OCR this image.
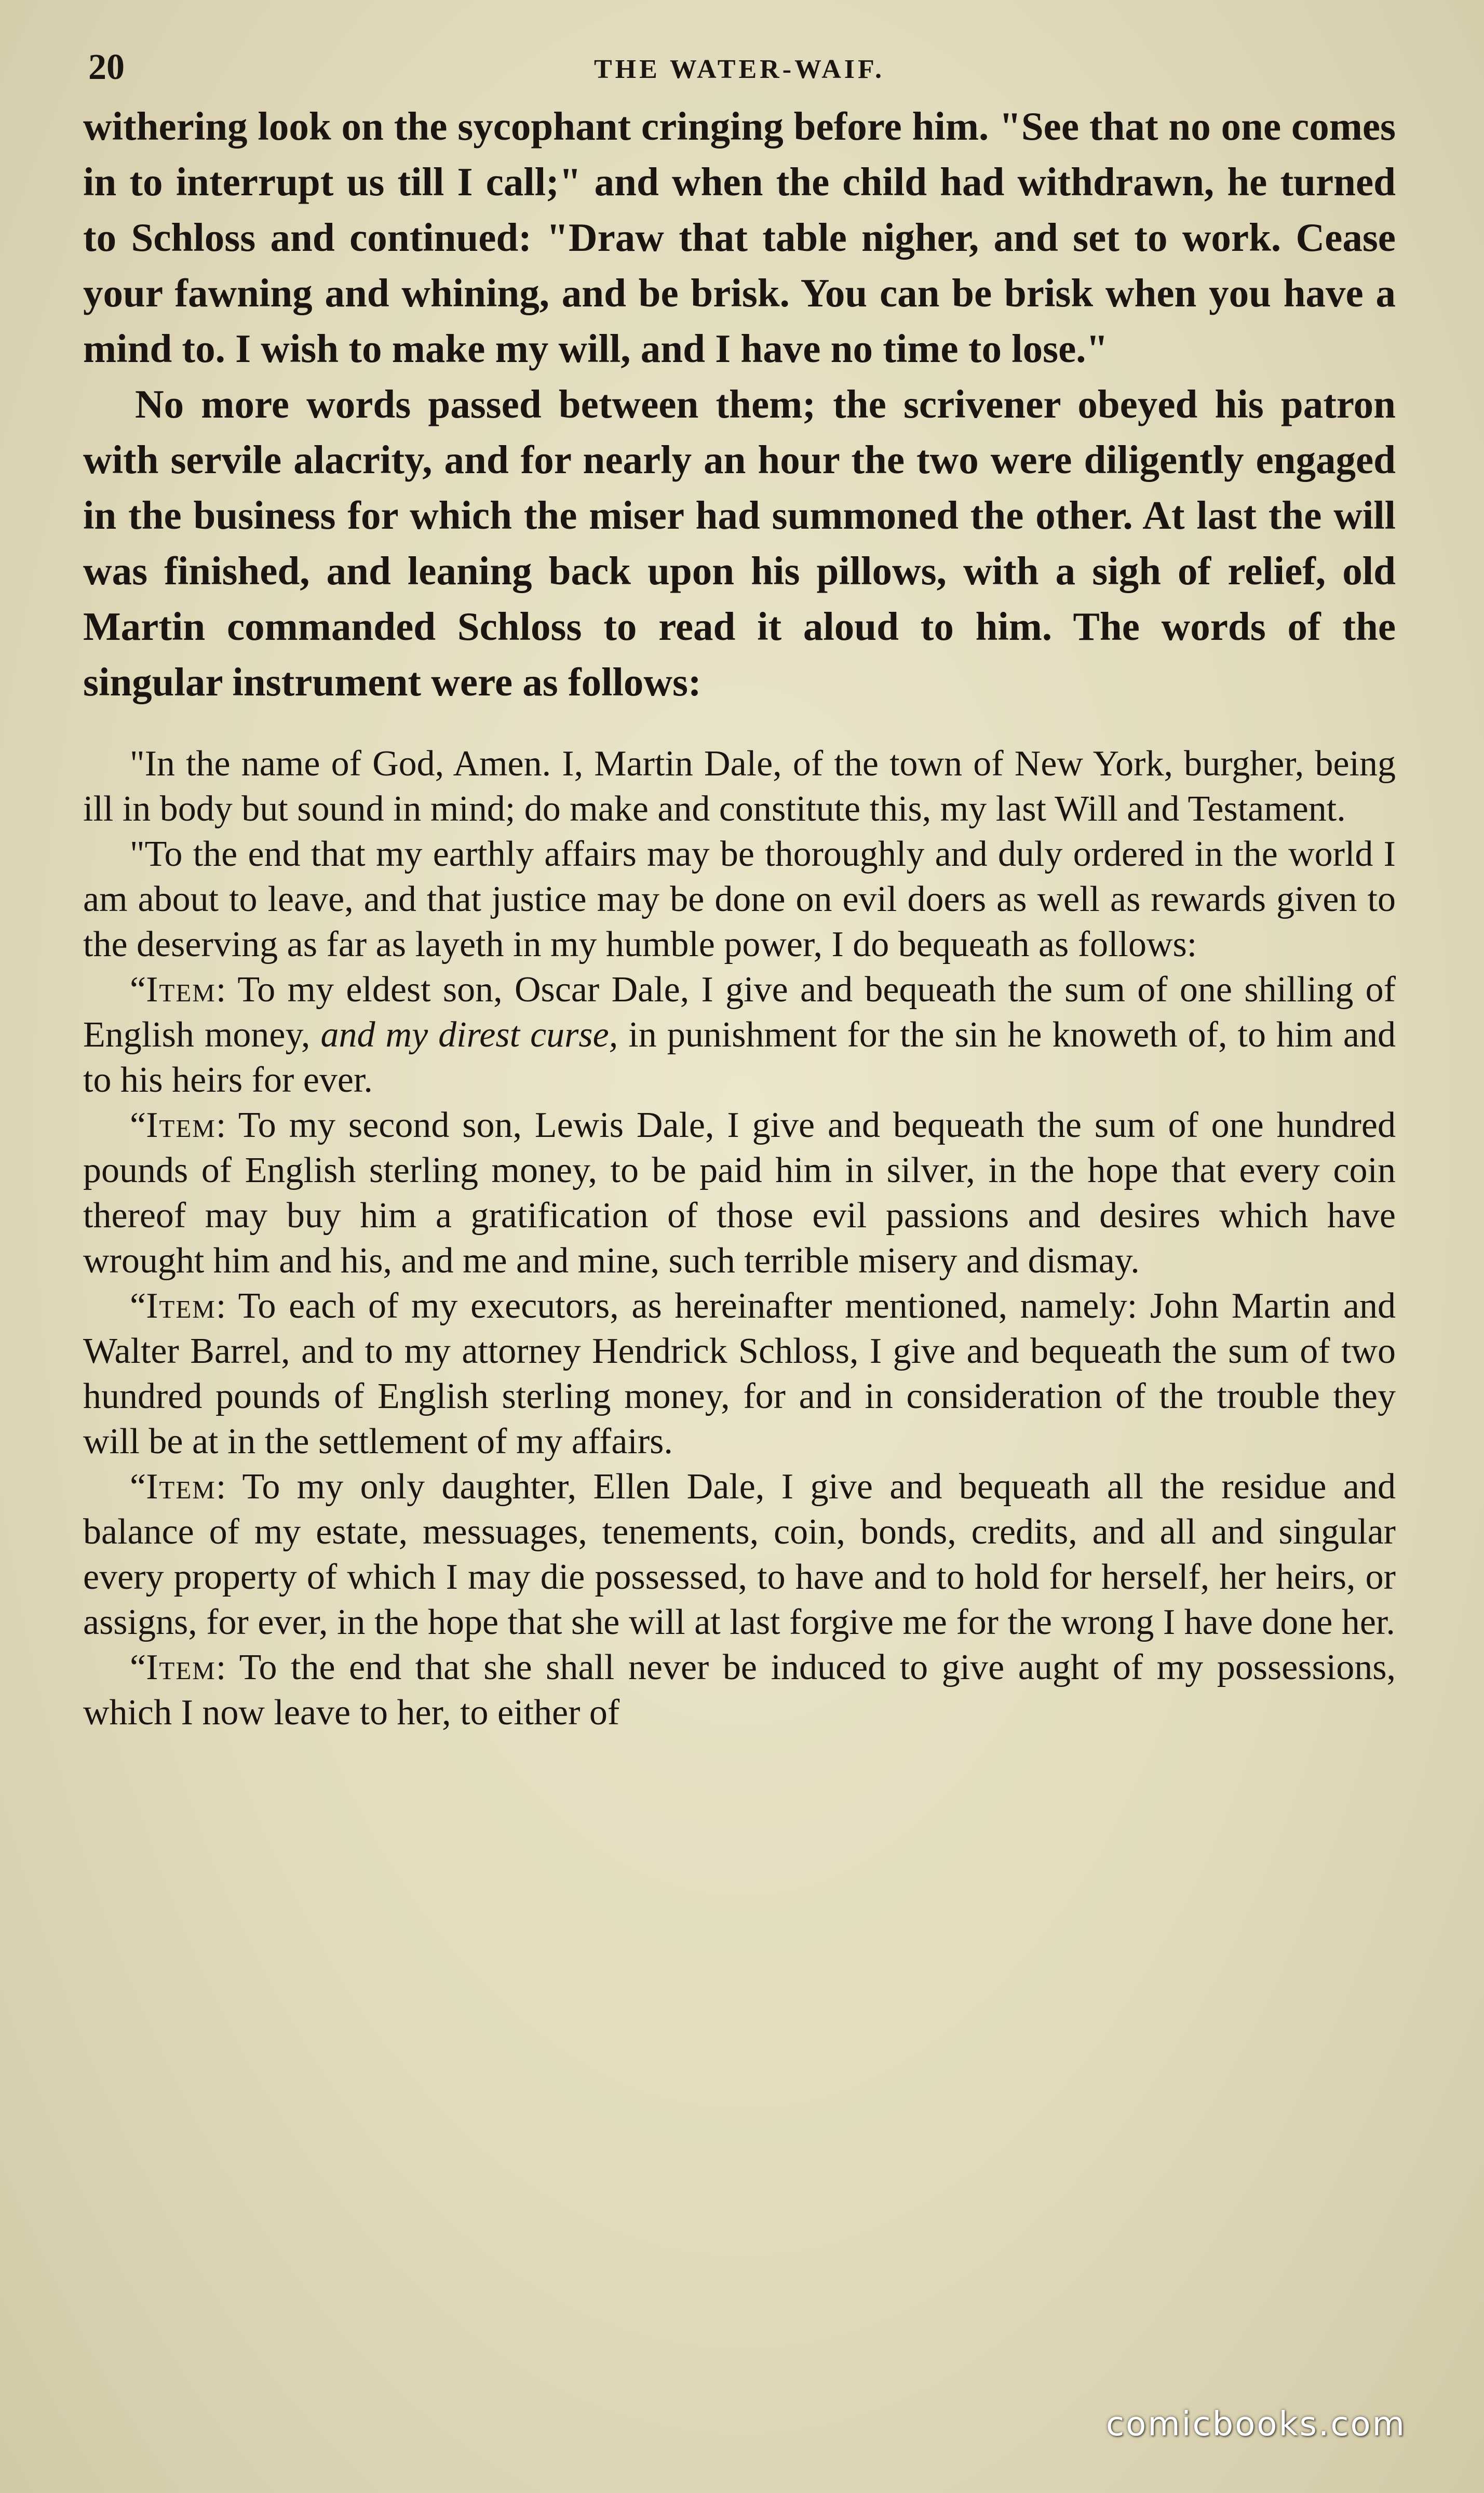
20	THE WATER-WAIF.

withering look on the sycophant cringing before him. "See that no one comes in to interrupt us till I call;" and when the child had withdrawn, he turned to Schloss and continued: "Draw that table nigher, and set to work. Cease your fawning and whining, and be brisk. You can be brisk when you have a mind to. I wish to make my will, and I have no time to lose."

No more words passed between them; the scrivener obeyed his patron with servile alacrity, and for nearly an hour the two were diligently engaged in the business for which the miser had summoned the other. At last the will was finished, and leaning back upon his pillows, with a sigh of relief, old Martin commanded Schloss to read it aloud to him. The words of the singular instrument were as follows:

"In the name of God, Amen. I, Martin Dale, of the town of New York, burgher, being ill in body but sound in mind; do make and constitute this, my last Will and Testament.

"To the end that my earthly affairs may be thoroughly and duly ordered in the world I am about to leave, and that justice may be done on evil doers as well as rewards given to the deserving as far as layeth in my humble power, I do bequeath as follows:

“Item: To my eldest son, Oscar Dale, I give and bequeath the sum of one shilling of English money, and my direst curse, in punishment for the sin he knoweth of, to him and to his heirs for ever.

“Item: To my second son, Lewis Dale, I give and bequeath the sum of one hundred pounds of English sterling money, to be paid him in silver, in the hope that every coin thereof may buy him a gratification of those evil passions and desires which have wrought him and his, and me and mine, such terrible misery and dismay.

“Item: To each of my executors, as hereinafter mentioned, namely: John Martin and Walter Barrel, and to my attorney Hendrick Schloss, I give and bequeath the sum of two hundred pounds of English sterling money, for and in consideration of the trouble they will be at in the settlement of my affairs.

“Item: To my only daughter, Ellen Dale, I give and bequeath all the residue and balance of my estate, messuages, tenements, coin, bonds, credits, and all and singular every property of which I may die possessed, to have and to hold for herself, her heirs, or assigns, for ever, in the hope that she will at last forgive me for the wrong I have done her.

“Item: To the end that she shall never be induced to give aught of my possessions, which I now leave to her, to either of

comicbooks.com
